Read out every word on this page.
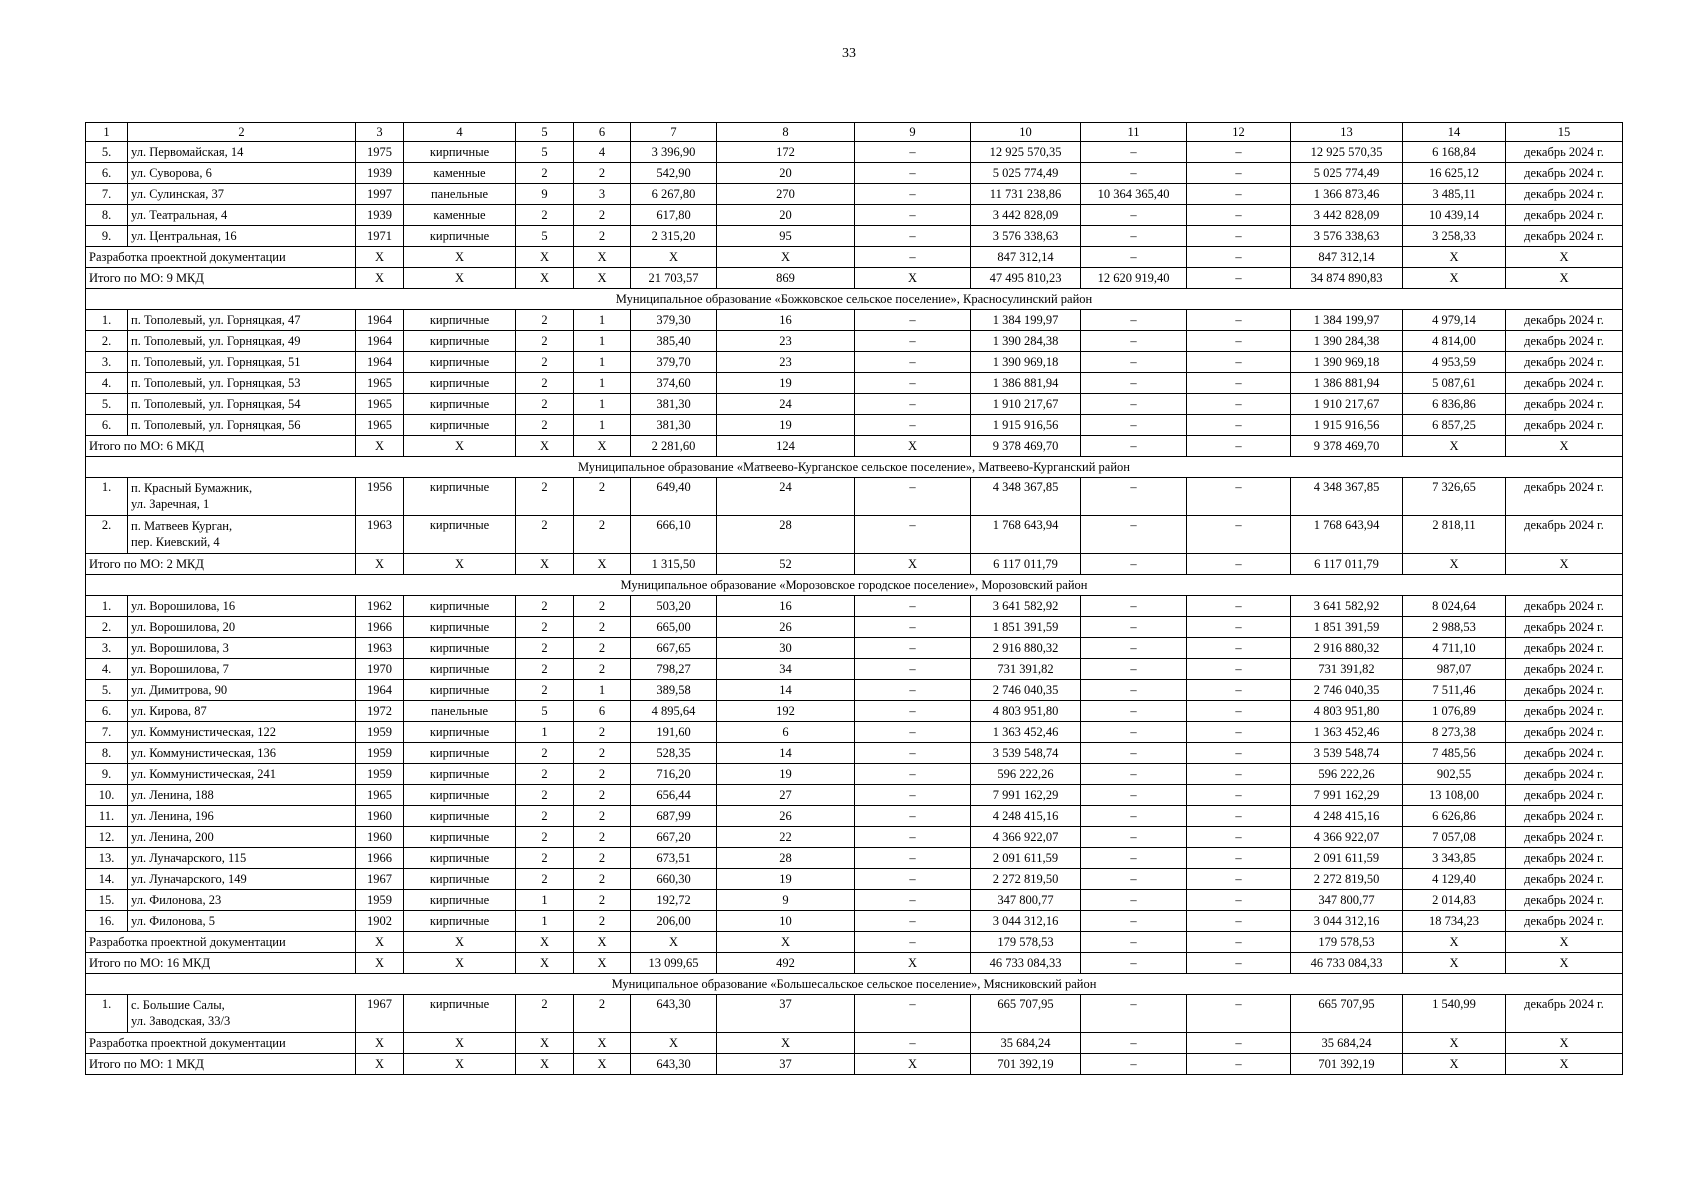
33
1	2	3	4	5	6	7	8	9	10	11	12	13	14	15
5.	ул. Первомайская, 14	1975	кирпичные	5	4	3 396,90	172	–	12 925 570,35	–	–	12 925 570,35	6 168,84	декабрь 2024 г.
6.	ул. Суворова, 6	1939	каменные	2	2	542,90	20	–	5 025 774,49	–	–	5 025 774,49	16 625,12	декабрь 2024 г.
7.	ул. Сулинская, 37	1997	панельные	9	3	6 267,80	270	–	11 731 238,86	10 364 365,40	–	1 366 873,46	3 485,11	декабрь 2024 г.
8.	ул. Театральная, 4	1939	каменные	2	2	617,80	20	–	3 442 828,09	–	–	3 442 828,09	10 439,14	декабрь 2024 г.
9.	ул. Центральная, 16	1971	кирпичные	5	2	2 315,20	95	–	3 576 338,63	–	–	3 576 338,63	3 258,33	декабрь 2024 г.
Разработка проектной документации		X	X	X	X	X	X	–	847 312,14	–	–	847 312,14	X	X
Итого по МО: 9 МКД		X	X	X	X	21 703,57	869	X	47 495 810,23	12 620 919,40	–	34 874 890,83	X	X
Муниципальное образование «Божковское сельское поселение», Красносулинский район														
1.	п. Тополевый, ул. Горняцкая, 47	1964	кирпичные	2	1	379,30	16	–	1 384 199,97	–	–	1 384 199,97	4 979,14	декабрь 2024 г.
2.	п. Тополевый, ул. Горняцкая, 49	1964	кирпичные	2	1	385,40	23	–	1 390 284,38	–	–	1 390 284,38	4 814,00	декабрь 2024 г.
3.	п. Тополевый, ул. Горняцкая, 51	1964	кирпичные	2	1	379,70	23	–	1 390 969,18	–	–	1 390 969,18	4 953,59	декабрь 2024 г.
4.	п. Тополевый, ул. Горняцкая, 53	1965	кирпичные	2	1	374,60	19	–	1 386 881,94	–	–	1 386 881,94	5 087,61	декабрь 2024 г.
5.	п. Тополевый, ул. Горняцкая, 54	1965	кирпичные	2	1	381,30	24	–	1 910 217,67	–	–	1 910 217,67	6 836,86	декабрь 2024 г.
6.	п. Тополевый, ул. Горняцкая, 56	1965	кирпичные	2	1	381,30	19	–	1 915 916,56	–	–	1 915 916,56	6 857,25	декабрь 2024 г.
Итого по МО: 6 МКД		X	X	X	X	2 281,60	124	X	9 378 469,70	–	–	9 378 469,70	X	X
Муниципальное образование «Матвеево-Курганское сельское поселение», Матвеево-Курганский район														
1.	п. Красный Бумажник,
ул. Заречная, 1	1956	кирпичные	2	2	649,40	24	–	4 348 367,85	–	–	4 348 367,85	7 326,65	декабрь 2024 г.
2.	п. Матвеев Курган,
пер. Киевский, 4	1963	кирпичные	2	2	666,10	28	–	1 768 643,94	–	–	1 768 643,94	2 818,11	декабрь 2024 г.
Итого по МО: 2 МКД		X	X	X	X	1 315,50	52	X	6 117 011,79	–	–	6 117 011,79	X	X
Муниципальное образование «Морозовское городское поселение», Морозовский район														
1.	ул. Ворошилова, 16	1962	кирпичные	2	2	503,20	16	–	3 641 582,92	–	–	3 641 582,92	8 024,64	декабрь 2024 г.
2.	ул. Ворошилова, 20	1966	кирпичные	2	2	665,00	26	–	1 851 391,59	–	–	1 851 391,59	2 988,53	декабрь 2024 г.
3.	ул. Ворошилова, 3	1963	кирпичные	2	2	667,65	30	–	2 916 880,32	–	–	2 916 880,32	4 711,10	декабрь 2024 г.
4.	ул. Ворошилова, 7	1970	кирпичные	2	2	798,27	34	–	731 391,82	–	–	731 391,82	987,07	декабрь 2024 г.
5.	ул. Димитрова, 90	1964	кирпичные	2	1	389,58	14	–	2 746 040,35	–	–	2 746 040,35	7 511,46	декабрь 2024 г.
6.	ул. Кирова, 87	1972	панельные	5	6	4 895,64	192	–	4 803 951,80	–	–	4 803 951,80	1 076,89	декабрь 2024 г.
7.	ул. Коммунистическая, 122	1959	кирпичные	1	2	191,60	6	–	1 363 452,46	–	–	1 363 452,46	8 273,38	декабрь 2024 г.
8.	ул. Коммунистическая, 136	1959	кирпичные	2	2	528,35	14	–	3 539 548,74	–	–	3 539 548,74	7 485,56	декабрь 2024 г.
9.	ул. Коммунистическая, 241	1959	кирпичные	2	2	716,20	19	–	596 222,26	–	–	596 222,26	902,55	декабрь 2024 г.
10.	ул. Ленина, 188	1965	кирпичные	2	2	656,44	27	–	7 991 162,29	–	–	7 991 162,29	13 108,00	декабрь 2024 г.
11.	ул. Ленина, 196	1960	кирпичные	2	2	687,99	26	–	4 248 415,16	–	–	4 248 415,16	6 626,86	декабрь 2024 г.
12.	ул. Ленина, 200	1960	кирпичные	2	2	667,20	22	–	4 366 922,07	–	–	4 366 922,07	7 057,08	декабрь 2024 г.
13.	ул. Луначарского, 115	1966	кирпичные	2	2	673,51	28	–	2 091 611,59	–	–	2 091 611,59	3 343,85	декабрь 2024 г.
14.	ул. Луначарского, 149	1967	кирпичные	2	2	660,30	19	–	2 272 819,50	–	–	2 272 819,50	4 129,40	декабрь 2024 г.
15.	ул. Филонова, 23	1959	кирпичные	1	2	192,72	9	–	347 800,77	–	–	347 800,77	2 014,83	декабрь 2024 г.
16.	ул. Филонова, 5	1902	кирпичные	1	2	206,00	10	–	3 044 312,16	–	–	3 044 312,16	18 734,23	декабрь 2024 г.
Разработка проектной документации		X	X	X	X	X	X	–	179 578,53	–	–	179 578,53	X	X
Итого по МО: 16 МКД		X	X	X	X	13 099,65	492	X	46 733 084,33	–	–	46 733 084,33	X	X
Муниципальное образование «Большесальское сельское поселение», Мясниковский район														
1.	с. Большие Салы,
ул. Заводская, 33/3	1967	кирпичные	2	2	643,30	37	–	665 707,95	–	–	665 707,95	1 540,99	декабрь 2024 г.
Разработка проектной документации		X	X	X	X	X	X	–	35 684,24	–	–	35 684,24	X	X
Итого по МО: 1 МКД		X	X	X	X	643,30	37	X	701 392,19	–	–	701 392,19	X	X
